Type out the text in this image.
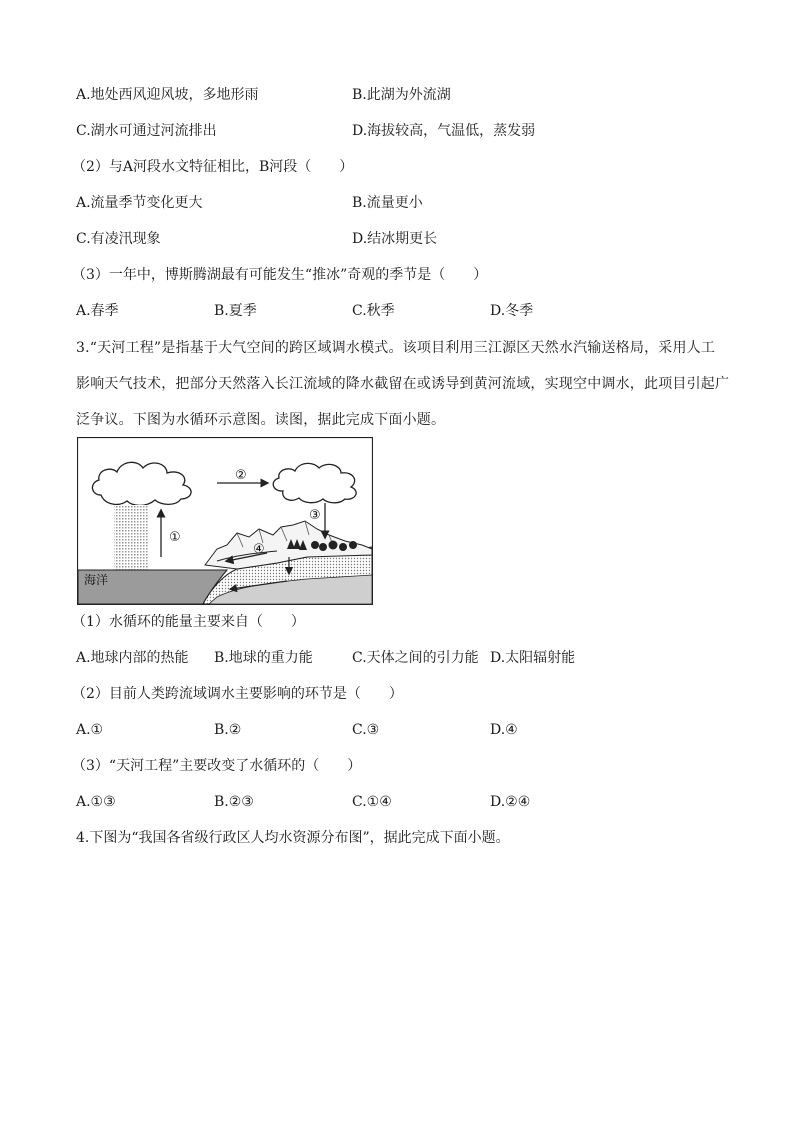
A.地处西风迎风坡，多地形雨	B.此湖为外流湖
C.湖水可通过河流排出	D.海拔较高，气温低，蒸发弱
（2）与A河段水文特征相比，B河段（　　）
A.流量季节变化更大	B.流量更小
C.有凌汛现象	D.结冰期更长
（3）一年中，博斯腾湖最有可能发生“推冰”奇观的季节是（　　）
A.春季	B.夏季	C.秋季	D.冬季
3.“天河工程”是指基于大气空间的跨区域调水模式。该项目利用三江源区天然水汽输送格局，采用人工
影响天气技术，把部分天然落入长江流域的降水截留在或诱导到黄河流域，实现空中调水，此项目引起广
泛争议。下图为水循环示意图。读图，据此完成下面小题。
海洋
①
②
③
④
（1）水循环的能量主要来自（　　）
A.地球内部的热能 B.地球的重力能	C.天体之间的引力能 D.太阳辐射能
（2）目前人类跨流域调水主要影响的环节是（　　）
A.①	B.②	C.③	D.④
（3）“天河工程”主要改变了水循环的（　　）
A.①③	B.②③	C.①④	D.②④
4.下图为“我国各省级行政区人均水资源分布图”，据此完成下面小题。
